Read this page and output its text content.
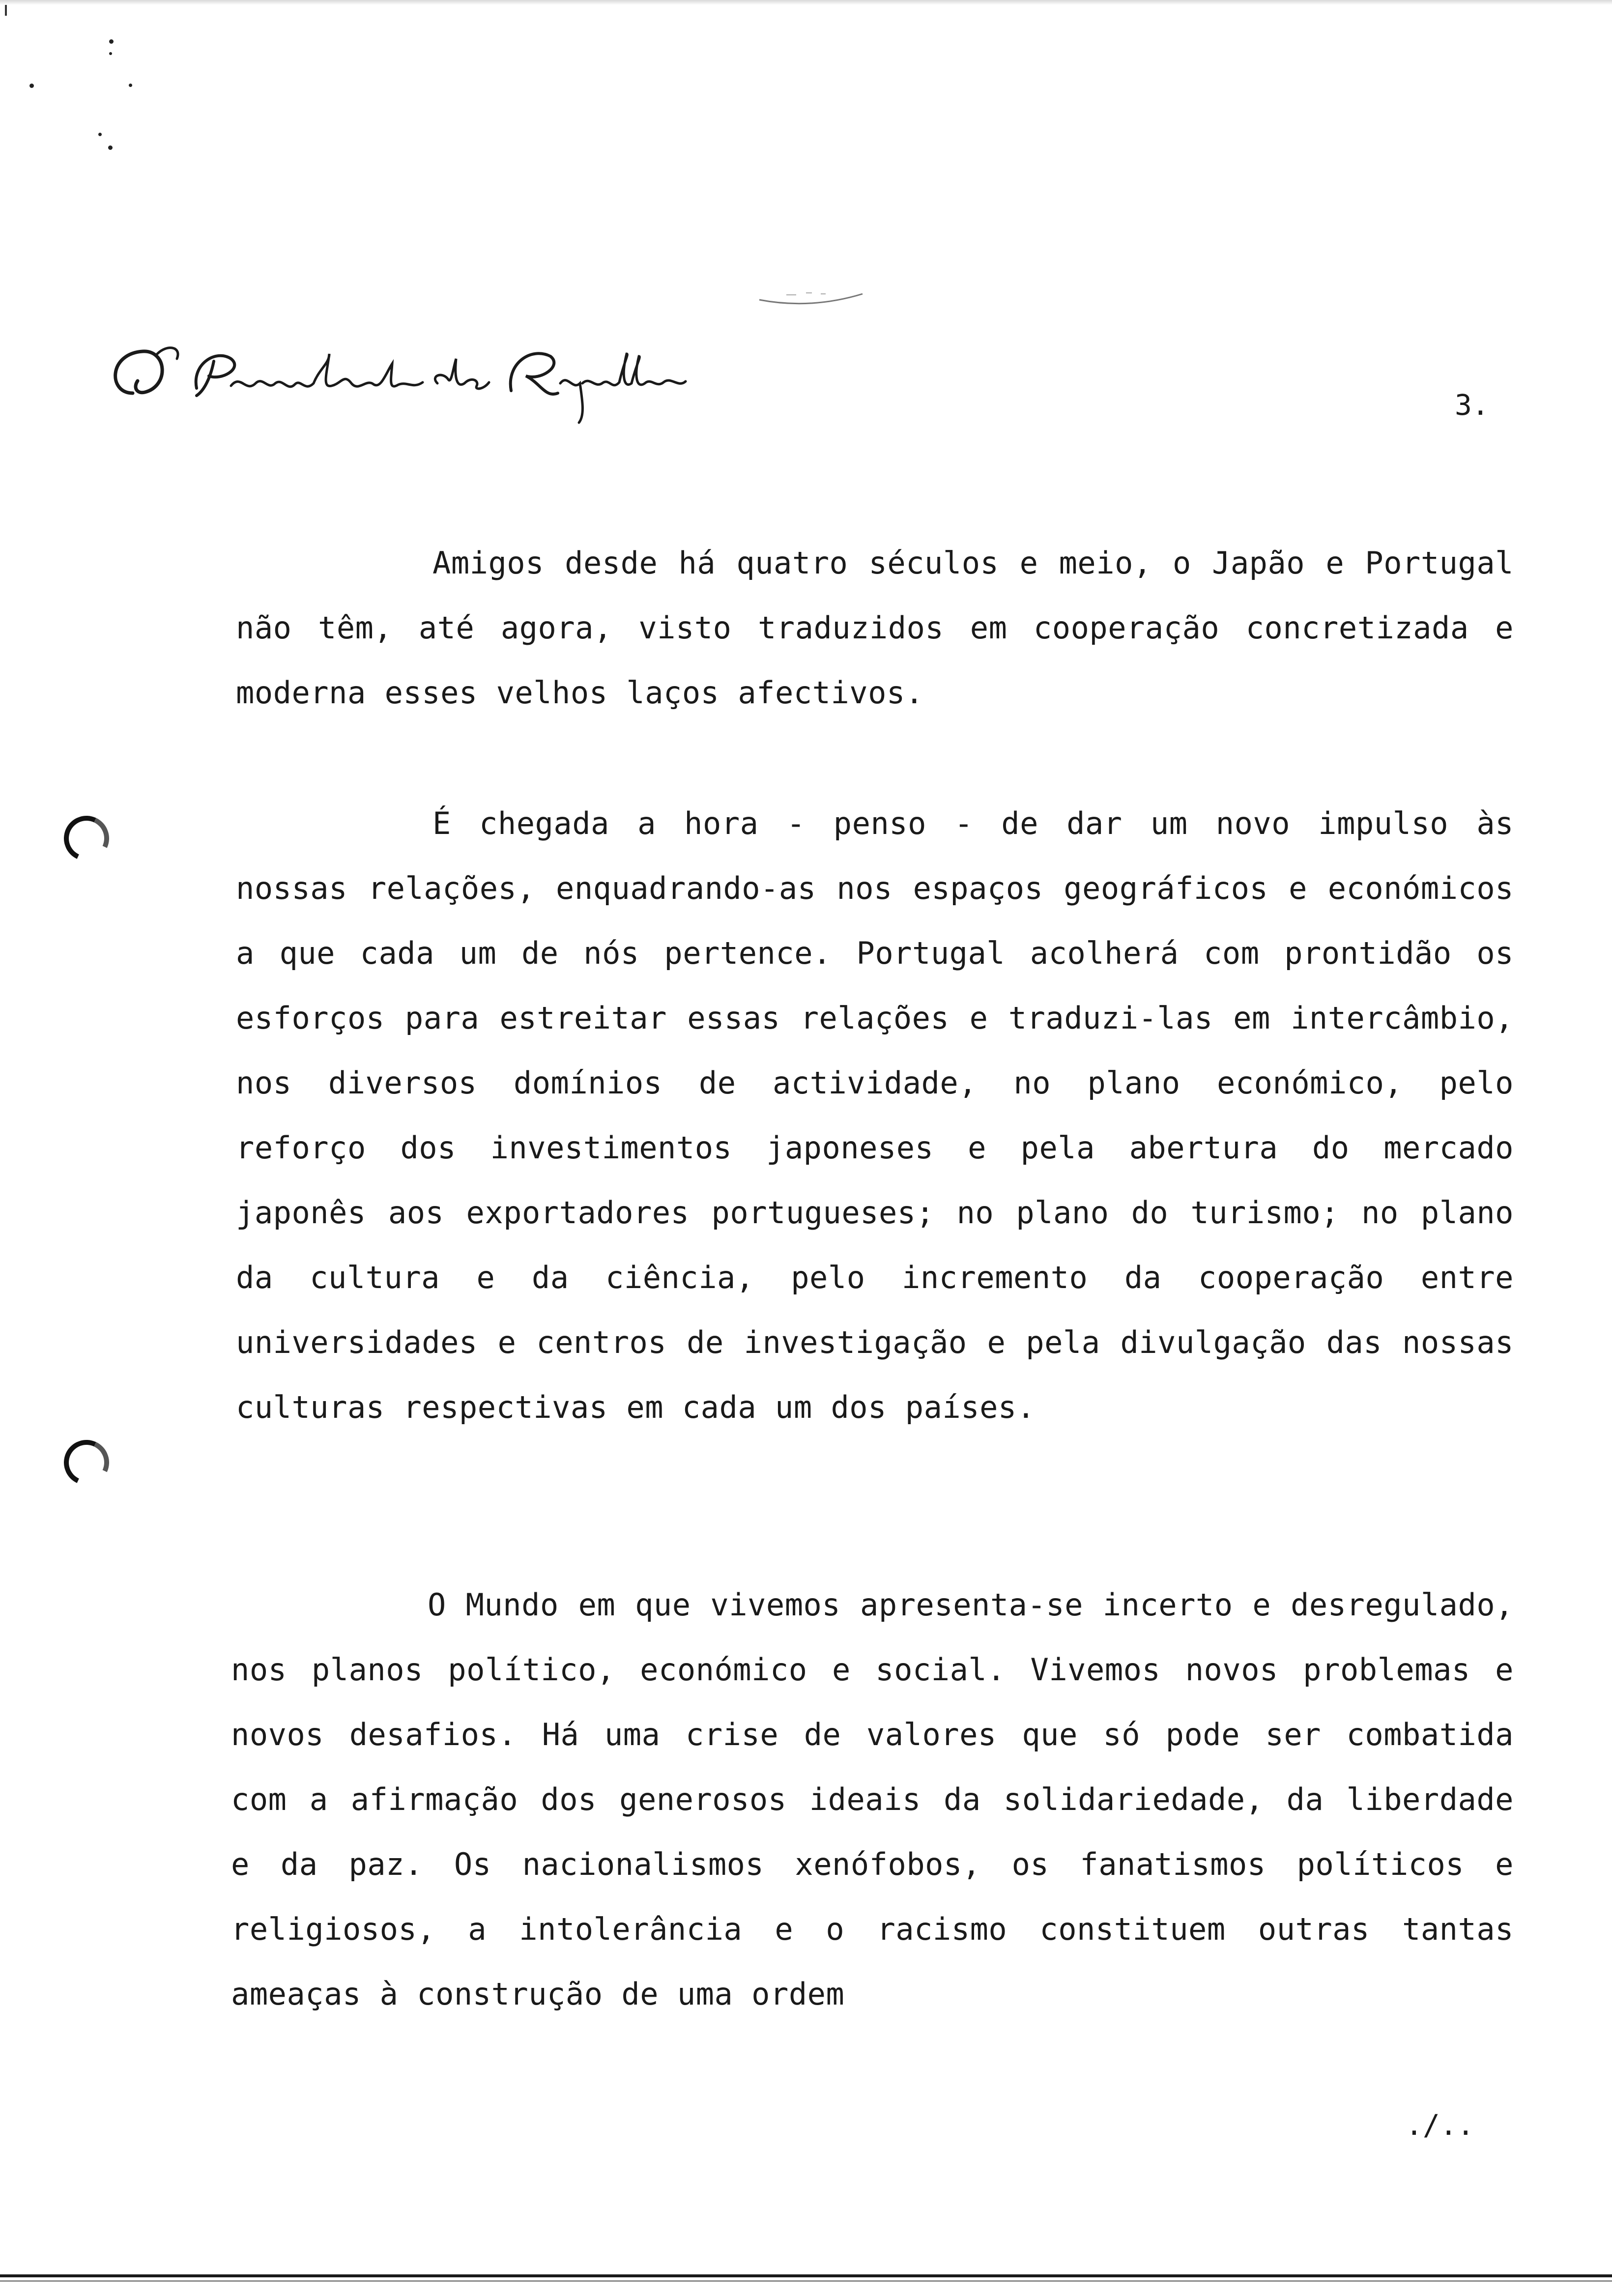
3.

Amigos desde há quatro séculos e meio, o Japão e Portugal não têm, até agora, visto traduzidos em cooperação concretizada e moderna esses velhos laços afectivos.

É chegada a hora - penso - de dar um novo impulso às nossas relações, enquadrando-as nos espaços geográficos e económicos a que cada um de nós pertence. Portugal acolherá com prontidão os esforços para estreitar essas relações e traduzi-las em intercâmbio, nos diversos domínios de actividade, no plano económico, pelo reforço dos investimentos japoneses e pela abertura do mercado japonês aos exportadores portugueses; no plano do turismo; no plano da cultura e da ciência, pelo incremento da cooperação entre universidades e centros de investigação e pela divulgação das nossas culturas respectivas em cada um dos países.

O Mundo em que vivemos apresenta-se incerto e desregulado, nos planos político, económico e social. Vivemos novos problemas e novos desafios. Há uma crise de valores que só pode ser combatida com a afirmação dos generosos ideais da solidariedade, da liberdade e da paz. Os nacionalismos xenófobos, os fanatismos políticos e religiosos, a intolerância e o racismo constituem outras tantas ameaças à construção de uma ordem

./..
